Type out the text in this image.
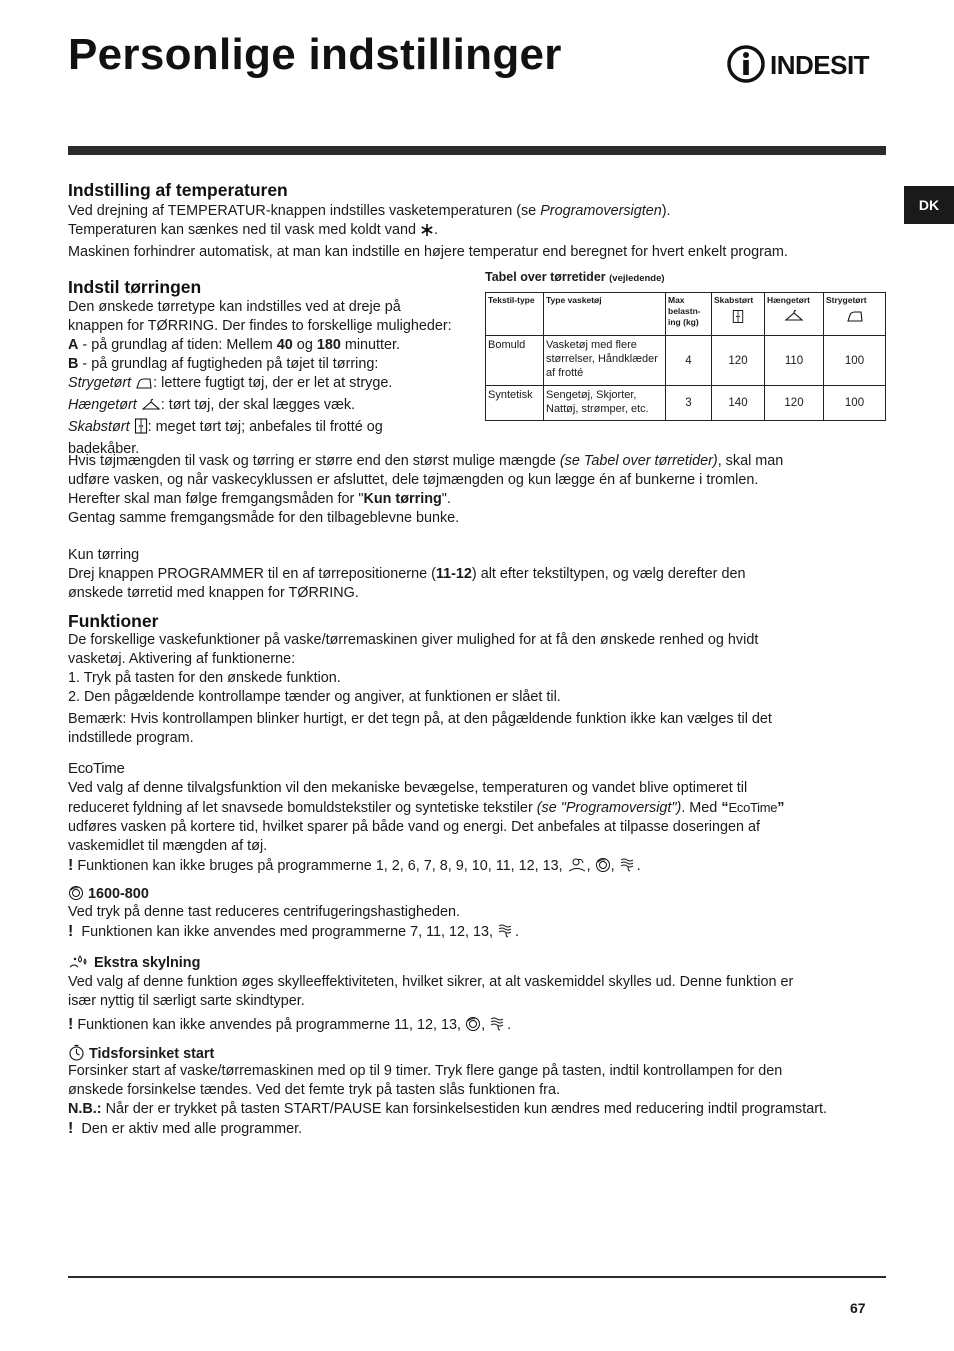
Personlige indstillinger	INDESIT
DK
Indstilling af temperaturen
Ved drejning af TEMPERATUR-knappen indstilles vasketemperaturen (se Programoversigten).
Temperaturen kan sænkes ned til vask med koldt vand .
Maskinen forhindrer automatisk, at man kan indstille en højere temperatur end beregnet for hvert enkelt program.
Indstil tørringen
Den ønskede tørretype kan indstilles ved at dreje på
knappen for TØRRING. Der findes to forskellige muligheder:
A - på grundlag af tiden: Mellem 40 og 180 minutter.
B - på grundlag af fugtigheden på tøjet til tørring:
Strygetørt : lettere fugtigt tøj, der er let at stryge.
Hængetørt : tørt tøj, der skal lægges væk.
Skabstørt : meget tørt tøj; anbefales til frotté og
badekåber.
Tabel over tørretider (vejledende)
Tekstil-type	Type vasketøj	Max belastn-ing (kg)	Skabstørt	Hængetørt	Strygetørt

Bomuld	Vasketøj med flere størrelser, Håndklæder af frotté	4	120	110	100
Syntetisk	Sengetøj, Skjorter, Nattøj, strømper, etc.	3	140	120	100
Hvis tøjmængden til vask og tørring er større end den størst mulige mængde (se Tabel over tørretider), skal man
udføre vasken, og når vaskecyklussen er afsluttet, dele tøjmængden og kun lægge én af bunkerne i tromlen.
Herefter skal man følge fremgangsmåden for "Kun tørring".
Gentag samme fremgangsmåde for den tilbageblevne bunke.
Kun tørring
Drej knappen PROGRAMMER til en af tørrepositionerne (11-12) alt efter tekstiltypen, og vælg derefter den
ønskede tørretid med knappen for TØRRING.
Funktioner
De forskellige vaskefunktioner på vaske/tørremaskinen giver mulighed for at få den ønskede renhed og hvidt
vasketøj. Aktivering af funktionerne:
1. Tryk på tasten for den ønskede funktion.
2. Den pågældende kontrollampe tænder og angiver, at funktionen er slået til.
Bemærk: Hvis kontrollampen blinker hurtigt, er det tegn på, at den pågældende funktion ikke kan vælges til det
indstillede program.
EcoTime
Ved valg af denne tilvalgsfunktion vil den mekaniske bevægelse, temperaturen og vandet blive optimeret til
reduceret fyldning af let snavsede bomuldstekstiler og syntetiske tekstiler (se "Programoversigt"). Med “EcoTime”
udføres vasken på kortere tid, hvilket sparer på både vand og energi. Det anbefales at tilpasse doseringen af
vaskemidlet til mængden af tøj.
! Funktionen kan ikke bruges på programmerne 1, 2, 6, 7, 8, 9, 10, 11, 12, 13, , , .
1600-800
Ved tryk på denne tast reduceres centrifugeringshastigheden.
! Funktionen kan ikke anvendes med programmerne 7, 11, 12, 13, .
Ekstra skylning
Ved valg af denne funktion øges skylleeffektiviteten, hvilket sikrer, at alt vaskemiddel skylles ud. Denne funktion er
især nyttig til særligt sarte skindtyper.
! Funktionen kan ikke anvendes på programmerne 11, 12, 13, , .
Tidsforsinket start
Forsinker start af vaske/tørremaskinen med op til 9 timer. Tryk flere gange på tasten, indtil kontrollampen for den
ønskede forsinkelse tændes. Ved det femte tryk på tasten slås funktionen fra.
N.B.: Når der er trykket på tasten START/PAUSE kan forsinkelsestiden kun ændres med reducering indtil programstart.
! Den er aktiv med alle programmer.
67
